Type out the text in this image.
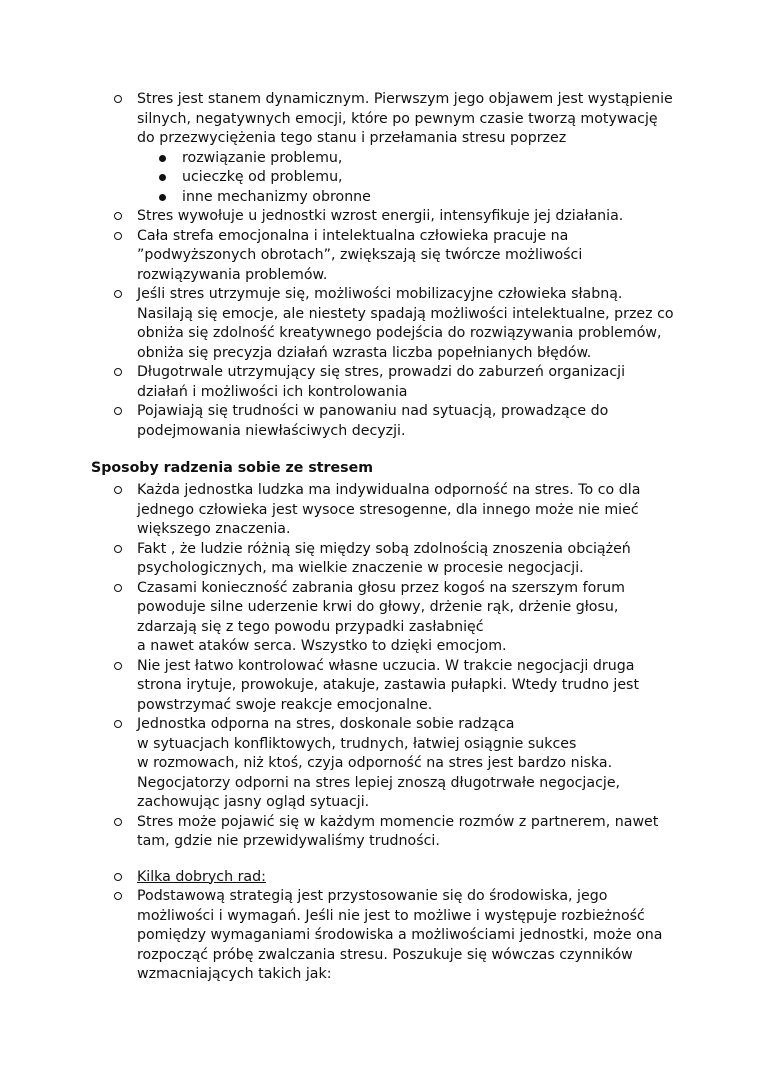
Stres jest stanem dynamicznym. Pierwszym jego objawem jest wystąpienie
silnych, negatywnych emocji, które po pewnym czasie tworzą motywację
do przezwyciężenia tego stanu i przełamania stresu poprzez
rozwiązanie problemu,
ucieczkę od problemu,
inne mechanizmy obronne
Stres wywołuje u jednostki wzrost energii, intensyfikuje jej działania.
Cała strefa emocjonalna i intelektualna człowieka pracuje na
”podwyższonych obrotach”, zwiększają się twórcze możliwości
rozwiązywania problemów.
Jeśli stres utrzymuje się, możliwości mobilizacyjne człowieka słabną.
Nasilają się emocje, ale niestety spadają możliwości intelektualne, przez co
obniża się zdolność kreatywnego podejścia do rozwiązywania problemów,
obniża się precyzja działań wzrasta liczba popełnianych błędów.
Długotrwale utrzymujący się stres, prowadzi do zaburzeń organizacji
działań i możliwości ich kontrolowania
Pojawiają się trudności w panowaniu nad sytuacją, prowadzące do
podejmowania niewłaściwych decyzji.
Sposoby radzenia sobie ze stresem
Każda jednostka ludzka ma indywidualna odporność na stres. To co dla
jednego człowieka jest wysoce stresogenne, dla innego może nie mieć
większego znaczenia.
Fakt , że ludzie różnią się między sobą zdolnością znoszenia obciążeń
psychologicznych, ma wielkie znaczenie w procesie negocjacji.
Czasami konieczność zabrania głosu przez kogoś na szerszym forum
powoduje silne uderzenie krwi do głowy, drżenie rąk, drżenie głosu,
zdarzają się z tego powodu przypadki zasłabnięć
a nawet ataków serca. Wszystko to dzięki emocjom.
Nie jest łatwo kontrolować własne uczucia. W trakcie negocjacji druga
strona irytuje, prowokuje, atakuje, zastawia pułapki. Wtedy trudno jest
powstrzymać swoje reakcje emocjonalne.
Jednostka odporna na stres, doskonale sobie radząca
w sytuacjach konfliktowych, trudnych, łatwiej osiągnie sukces
w rozmowach, niż ktoś, czyja odporność na stres jest bardzo niska.
Negocjatorzy odporni na stres lepiej znoszą długotrwałe negocjacje,
zachowując jasny ogląd sytuacji.
Stres może pojawić się w każdym momencie rozmów z partnerem, nawet
tam, gdzie nie przewidywaliśmy trudności.
Kilka dobrych rad:
Podstawową strategią jest przystosowanie się do środowiska, jego
możliwości i wymagań. Jeśli nie jest to możliwe i występuje rozbieżność
pomiędzy wymaganiami środowiska a możliwościami jednostki, może ona
rozpocząć próbę zwalczania stresu. Poszukuje się wówczas czynników
wzmacniających takich jak:
